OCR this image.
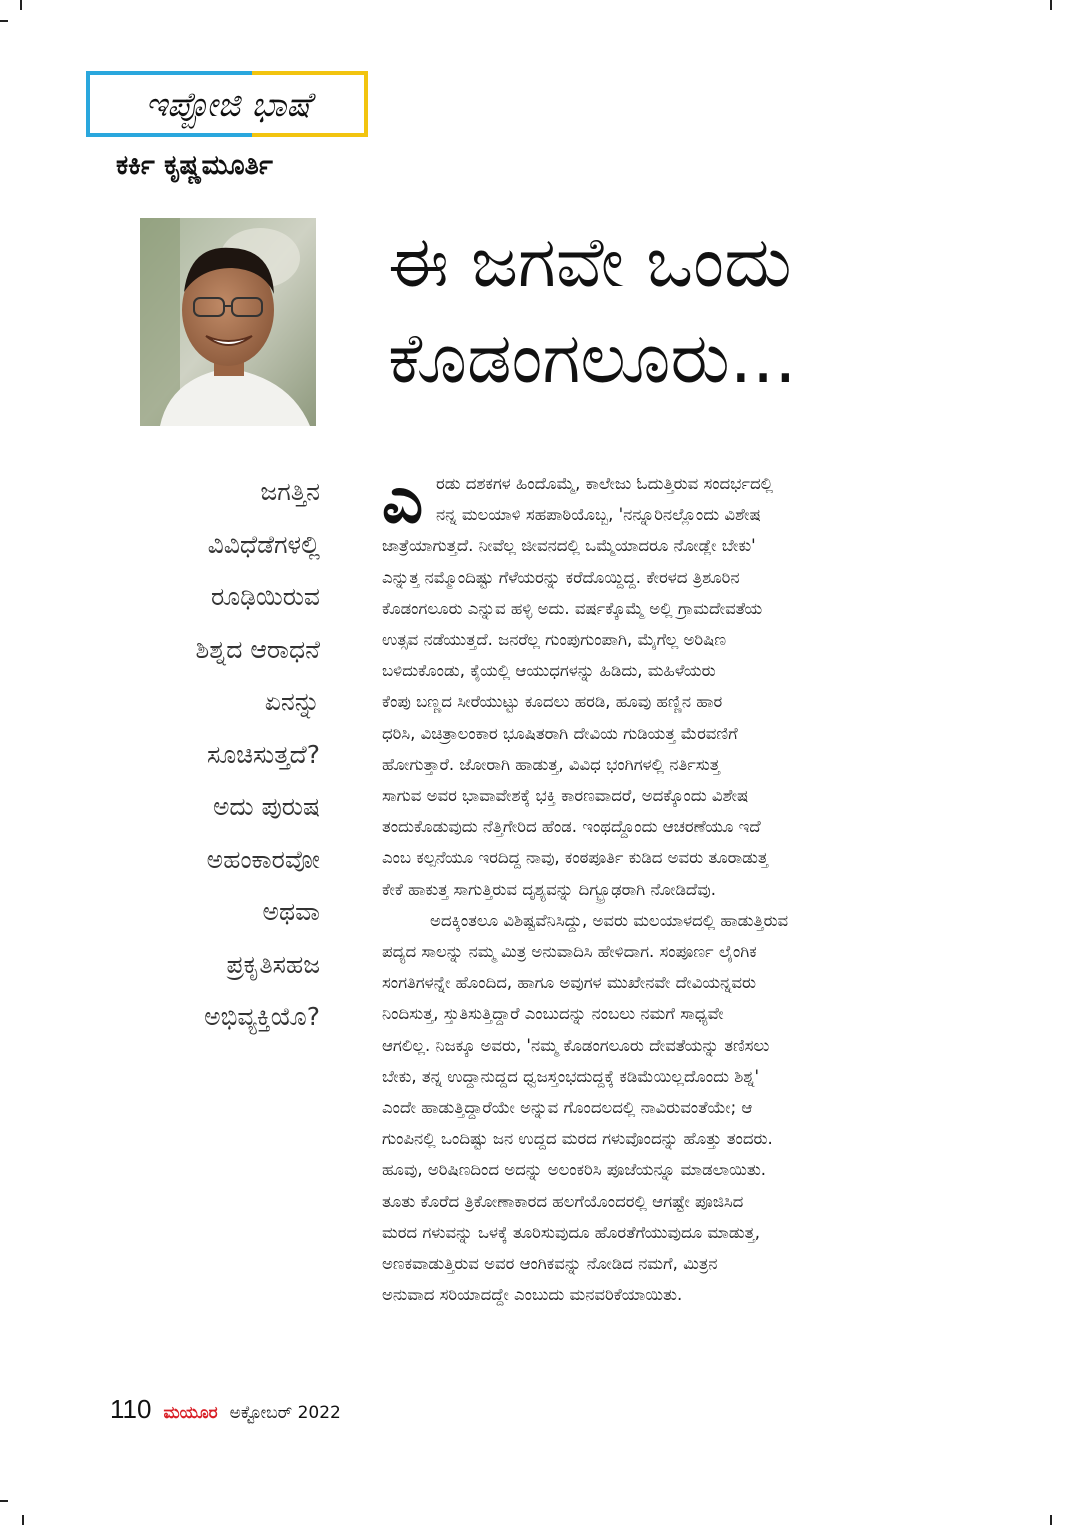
ಇಪ್ಪೋಜಿ ಭಾಷೆ
ಕರ್ಕಿ ಕೃಷ್ಣಮೂರ್ತಿ
ಈ ಜಗವೇ ಒಂದು
ಕೊಡಂಗಲೂರು...
ಜಗತ್ತಿನ
ವಿವಿಧೆಡೆಗಳಲ್ಲಿ
ರೂಢಿಯಿರುವ
ಶಿಶ್ನದ ಆರಾಧನೆ
ಏನನ್ನು
ಸೂಚಿಸುತ್ತದೆ?
ಅದು ಪುರುಷ
ಅಹಂಕಾರವೋ
ಅಥವಾ
ಪ್ರಕೃತಿಸಹಜ
ಅಭಿವ್ಯಕ್ತಿಯೊ?
ಎ ರಡು ದಶಕಗಳ ಹಿಂದೊಮ್ಮೆ, ಕಾಲೇಜು ಓದುತ್ತಿರುವ ಸಂದರ್ಭದಲ್ಲಿ
ನನ್ನ ಮಲಯಾಳಿ ಸಹಪಾಠಿಯೊಬ್ಬ, 'ನನ್ನೂರಿನಲ್ಲೊಂದು ವಿಶೇಷ
ಜಾತ್ರೆಯಾಗುತ್ತದೆ. ನೀವೆಲ್ಲ ಜೀವನದಲ್ಲಿ ಒಮ್ಮೆಯಾದರೂ ನೋಡ್ಲೇ ಬೇಕು'
ಎನ್ನುತ್ತ ನಮ್ಮೊಂದಿಷ್ಟು ಗೆಳೆಯರನ್ನು ಕರೆದೊಯ್ದಿದ್ದ. ಕೇರಳದ ತ್ರಿಶೂರಿನ
ಕೊಡಂಗಲೂರು ಎನ್ನುವ ಹಳ್ಳಿ ಅದು. ವರ್ಷಕ್ಕೊಮ್ಮೆ ಅಲ್ಲಿ ಗ್ರಾಮದೇವತೆಯ
ಉತ್ಸವ ನಡೆಯುತ್ತದೆ. ಜನರೆಲ್ಲ ಗುಂಪುಗುಂಪಾಗಿ, ಮೈಗೆಲ್ಲ ಅರಿಷಿಣ
ಬಳಿದುಕೊಂಡು, ಕೈಯಲ್ಲಿ ಆಯುಧಗಳನ್ನು ಹಿಡಿದು, ಮಹಿಳೆಯರು
ಕೆಂಪು ಬಣ್ಣದ ಸೀರೆಯುಟ್ಟು ಕೂದಲು ಹರಡಿ, ಹೂವು ಹಣ್ಣಿನ ಹಾರ
ಧರಿಸಿ, ವಿಚಿತ್ರಾಲಂಕಾರ ಭೂಷಿತರಾಗಿ ದೇವಿಯ ಗುಡಿಯತ್ತ ಮೆರವಣಿಗೆ
ಹೋಗುತ್ತಾರೆ. ಜೋರಾಗಿ ಹಾಡುತ್ತ, ವಿವಿಧ ಭಂಗಿಗಳಲ್ಲಿ ನರ್ತಿಸುತ್ತ
ಸಾಗುವ ಅವರ ಭಾವಾವೇಶಕ್ಕೆ ಭಕ್ತಿ ಕಾರಣವಾದರೆ, ಅದಕ್ಕೊಂದು ವಿಶೇಷ
ತಂದುಕೊಡುವುದು ನೆತ್ತಿಗೇರಿದ ಹೆಂಡ. ಇಂಥದ್ದೊಂದು ಆಚರಣೆಯೂ ಇದೆ
ಎಂಬ ಕಲ್ಪನೆಯೂ ಇರದಿದ್ದ ನಾವು, ಕಂಠಪೂರ್ತಿ ಕುಡಿದ ಅವರು ತೂರಾಡುತ್ತ
ಕೇಕೆ ಹಾಕುತ್ತ ಸಾಗುತ್ತಿರುವ ದೃಶ್ಯವನ್ನು ದಿಗ್ಭ್ರೂಢರಾಗಿ ನೋಡಿದೆವು.
ಅದಕ್ಕಿಂತಲೂ ವಿಶಿಷ್ಟವೆನಿಸಿದ್ದು, ಅವರು ಮಲಯಾಳದಲ್ಲಿ ಹಾಡುತ್ತಿರುವ
ಪದ್ಯದ ಸಾಲನ್ನು ನಮ್ಮ ಮಿತ್ರ ಅನುವಾದಿಸಿ ಹೇಳಿದಾಗ. ಸಂಪೂರ್ಣ ಲೈಂಗಿಕ
ಸಂಗತಿಗಳನ್ನೇ ಹೊಂದಿದ, ಹಾಗೂ ಅವುಗಳ ಮುಖೇನವೇ ದೇವಿಯನ್ನವರು
ನಿಂದಿಸುತ್ತ, ಸ್ತುತಿಸುತ್ತಿದ್ದಾರೆ ಎಂಬುದನ್ನು ನಂಬಲು ನಮಗೆ ಸಾಧ್ಯವೇ
ಆಗಲಿಲ್ಲ. ನಿಜಕ್ಕೂ ಅವರು, 'ನಮ್ಮ ಕೊಡಂಗಲೂರು ದೇವತೆಯನ್ನು ತಣಿಸಲು
ಬೇಕು, ತನ್ನ ಉದ್ದಾನುದ್ದದ ಧ್ವಜಸ್ತಂಭದುದ್ದಕ್ಕೆ ಕಡಿಮೆಯಿಲ್ಲದೊಂದು ಶಿಶ್ನ'
ಎಂದೇ ಹಾಡುತ್ತಿದ್ದಾರೆಯೇ ಅನ್ನುವ ಗೊಂದಲದಲ್ಲಿ ನಾವಿರುವಂತೆಯೇ; ಆ
ಗುಂಪಿನಲ್ಲಿ ಒಂದಿಷ್ಟು ಜನ ಉದ್ದದ ಮರದ ಗಳುವೊಂದನ್ನು ಹೊತ್ತು ತಂದರು.
ಹೂವು, ಅರಿಷಿಣದಿಂದ ಅದನ್ನು ಅಲಂಕರಿಸಿ ಪೂಜೆಯನ್ನೂ ಮಾಡಲಾಯಿತು.
ತೂತು ಕೊರೆದ ತ್ರಿಕೋಣಾಕಾರದ ಹಲಗೆಯೊಂದರಲ್ಲಿ ಆಗಷ್ಟೇ ಪೂಜಿಸಿದ
ಮರದ ಗಳುವನ್ನು ಒಳಕ್ಕೆ ತೂರಿಸುವುದೂ ಹೊರತೆಗೆಯುವುದೂ ಮಾಡುತ್ತ,
ಅಣಕವಾಡುತ್ತಿರುವ ಅವರ ಆಂಗಿಕವನ್ನು ನೋಡಿದ ನಮಗೆ, ಮಿತ್ರನ
ಅನುವಾದ ಸರಿಯಾದದ್ದೇ ಎಂಬುದು ಮನವರಿಕೆಯಾಯಿತು.
110 ಮಯೂರ ಅಕ್ಟೋಬರ್ 2022
